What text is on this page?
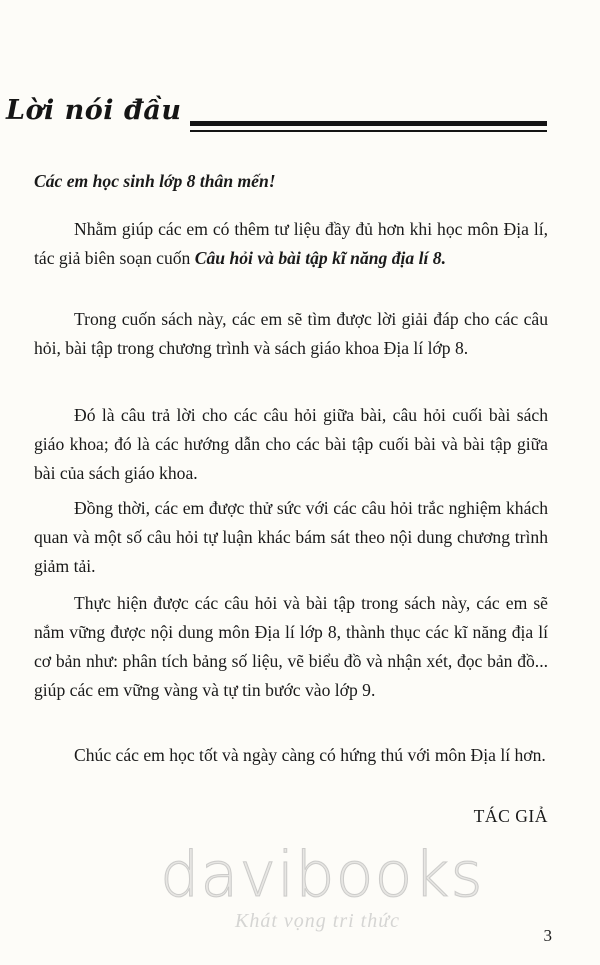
Lời nói đầu
Các em học sinh lớp 8 thân mến!

Nhằm giúp các em có thêm tư liệu đầy đủ hơn khi học môn Địa lí, tác giả biên soạn cuốn Câu hỏi và bài tập kĩ năng địa lí 8.

Trong cuốn sách này, các em sẽ tìm được lời giải đáp cho các câu hỏi, bài tập trong chương trình và sách giáo khoa Địa lí lớp 8.

Đó là câu trả lời cho các câu hỏi giữa bài, câu hỏi cuối bài sách giáo khoa; đó là các hướng dẫn cho các bài tập cuối bài và bài tập giữa bài của sách giáo khoa.

Đồng thời, các em được thử sức với các câu hỏi trắc nghiệm khách quan và một số câu hỏi tự luận khác bám sát theo nội dung chương trình giảm tải.

Thực hiện được các câu hỏi và bài tập trong sách này, các em sẽ nắm vững được nội dung môn Địa lí lớp 8, thành thục các kĩ năng địa lí cơ bản như: phân tích bảng số liệu, vẽ biểu đồ và nhận xét, đọc bản đồ... giúp các em vững vàng và tự tin bước vào lớp 9.

Chúc các em học tốt và ngày càng có hứng thú với môn Địa lí hơn.

TÁC GIẢ
davibooks
Khát vọng tri thức
3
